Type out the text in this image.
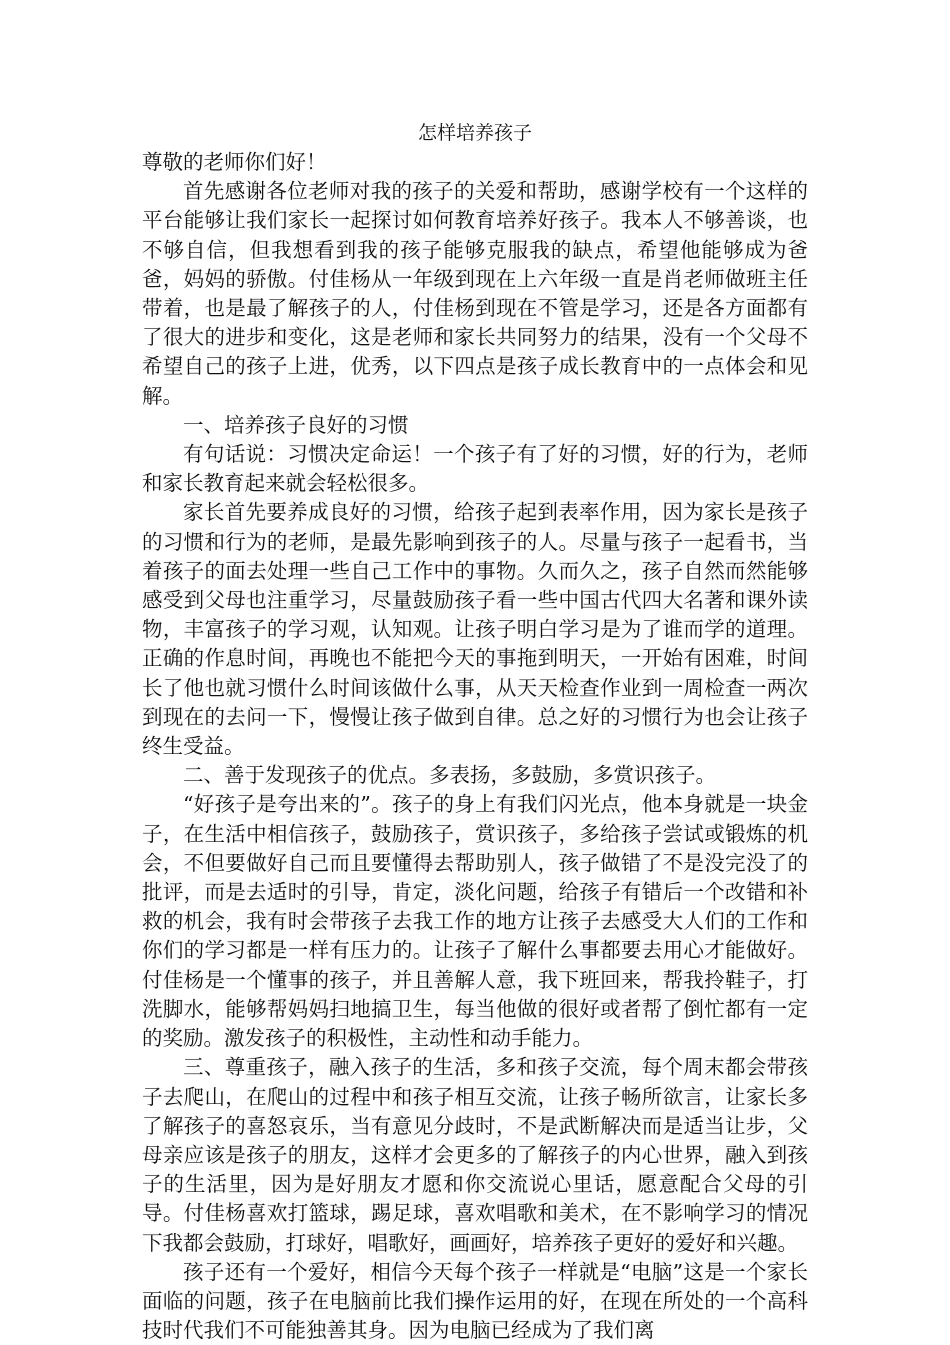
怎样培养孩子

尊敬的老师你们好！

首先感谢各位老师对我的孩子的关爱和帮助，感谢学校有一个这样的平台能够让我们家长一起探讨如何教育培养好孩子。我本人不够善谈，也不够自信，但我想看到我的孩子能够克服我的缺点，希望他能够成为爸爸，妈妈的骄傲。付佳杨从一年级到现在上六年级一直是肖老师做班主任带着，也是最了解孩子的人，付佳杨到现在不管是学习，还是各方面都有了很大的进步和变化，这是老师和家长共同努力的结果，没有一个父母不希望自己的孩子上进，优秀，以下四点是孩子成长教育中的一点体会和见解。

一、培养孩子良好的习惯

有句话说：习惯决定命运！一个孩子有了好的习惯，好的行为，老师和家长教育起来就会轻松很多。

家长首先要养成良好的习惯，给孩子起到表率作用，因为家长是孩子的习惯和行为的老师，是最先影响到孩子的人。尽量与孩子一起看书，当着孩子的面去处理一些自己工作中的事物。久而久之，孩子自然而然能够感受到父母也注重学习，尽量鼓励孩子看一些中国古代四大名著和课外读物，丰富孩子的学习观，认知观。让孩子明白学习是为了谁而学的道理。正确的作息时间，再晚也不能把今天的事拖到明天，一开始有困难，时间长了他也就习惯什么时间该做什么事，从天天检查作业到一周检查一两次到现在的去问一下，慢慢让孩子做到自律。总之好的习惯行为也会让孩子终生受益。

二、善于发现孩子的优点。多表扬，多鼓励，多赏识孩子。

“好孩子是夸出来的”。孩子的身上有我们闪光点，他本身就是一块金子，在生活中相信孩子，鼓励孩子，赏识孩子，多给孩子尝试或锻炼的机会，不但要做好自己而且要懂得去帮助别人，孩子做错了不是没完没了的批评，而是去适时的引导，肯定，淡化问题，给孩子有错后一个改错和补救的机会，我有时会带孩子去我工作的地方让孩子去感受大人们的工作和你们的学习都是一样有压力的。让孩子了解什么事都要去用心才能做好。付佳杨是一个懂事的孩子，并且善解人意，我下班回来，帮我拎鞋子，打洗脚水，能够帮妈妈扫地搞卫生，每当他做的很好或者帮了倒忙都有一定的奖励。激发孩子的积极性，主动性和动手能力。

三、尊重孩子，融入孩子的生活，多和孩子交流，每个周末都会带孩子去爬山，在爬山的过程中和孩子相互交流，让孩子畅所欲言，让家长多了解孩子的喜怒哀乐，当有意见分歧时，不是武断解决而是适当让步，父母亲应该是孩子的朋友，这样才会更多的了解孩子的内心世界，融入到孩子的生活里，因为是好朋友才愿和你交流说心里话，愿意配合父母的引导。付佳杨喜欢打篮球，踢足球，喜欢唱歌和美术，在不影响学习的情况下我都会鼓励，打球好，唱歌好，画画好，培养孩子更好的爱好和兴趣。

孩子还有一个爱好，相信今天每个孩子一样就是“电脑”这是一个家长面临的问题，孩子在电脑前比我们操作运用的好，在现在所处的一个高科技时代我们不可能独善其身。因为电脑已经成为了我们离
